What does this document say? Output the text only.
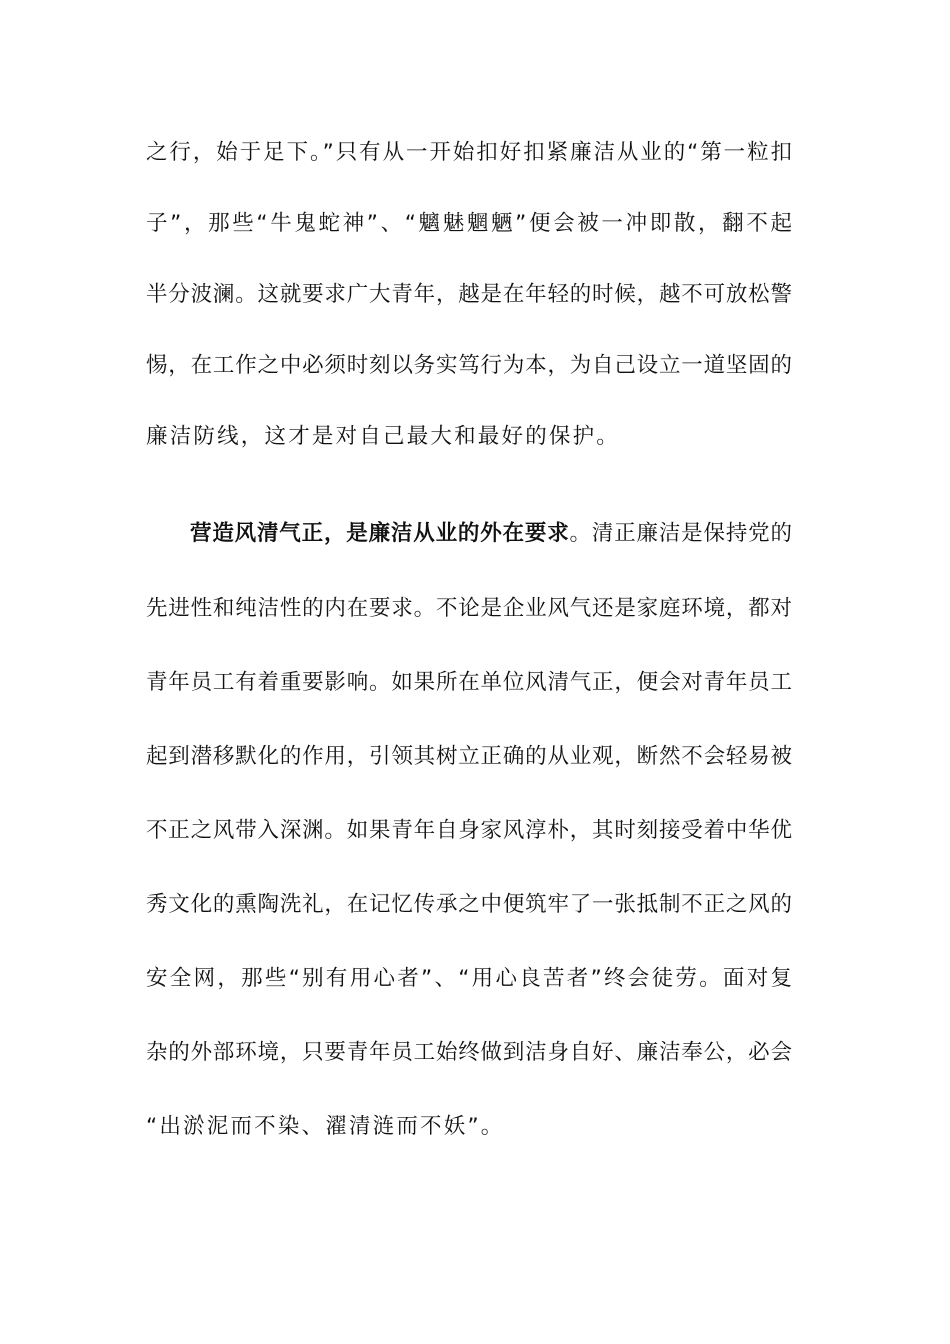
之行，始于足下。”只有从一开始扣好扣紧廉洁从业的“第一粒扣
子”，那些“牛鬼蛇神”、“魑魅魍魉”便会被一冲即散，翻不起
半分波澜。这就要求广大青年，越是在年轻的时候，越不可放松警
惕，在工作之中必须时刻以务实笃行为本，为自己设立一道坚固的
廉洁防线，这才是对自己最大和最好的保护。
营造风清气正，是廉洁从业的外在要求。清正廉洁是保持党的
先进性和纯洁性的内在要求。不论是企业风气还是家庭环境，都对
青年员工有着重要影响。如果所在单位风清气正，便会对青年员工
起到潜移默化的作用，引领其树立正确的从业观，断然不会轻易被
不正之风带入深渊。如果青年自身家风淳朴，其时刻接受着中华优
秀文化的熏陶洗礼，在记忆传承之中便筑牢了一张抵制不正之风的
安全网，那些“别有用心者”、“用心良苦者”终会徒劳。面对复
杂的外部环境，只要青年员工始终做到洁身自好、廉洁奉公，必会
“出淤泥而不染、濯清涟而不妖”。
